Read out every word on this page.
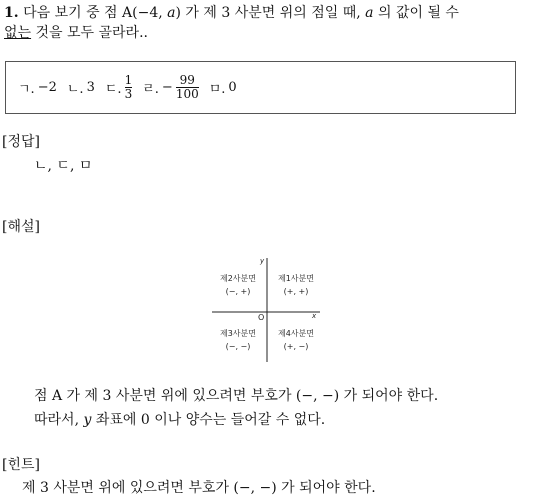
1. 다음 보기 중 점 A(−4, a) 가 제 3 사분면 위의 점일 때, a 의 값이 될 수
없는 것을 모두 골라라..
ㄱ. −2 ㄴ. 3 ㄷ. $\frac{1}{3}$ ㄹ. − $\frac{99}{100}$ ㅁ. 0
[정답]
ㄴ, ㄷ, ㅁ
[해설]
y
x
O
제2사분면
(−, +)
제1사분면
(+, +)
제3사분면
(−, −)
제4사분면
(+, −)
점 A 가 제 3 사분면 위에 있으려면 부호가 (−, −) 가 되어야 한다.
따라서, y 좌표에 0 이나 양수는 들어갈 수 없다.
[힌트]
제 3 사분면 위에 있으려면 부호가 (−, −) 가 되어야 한다.
